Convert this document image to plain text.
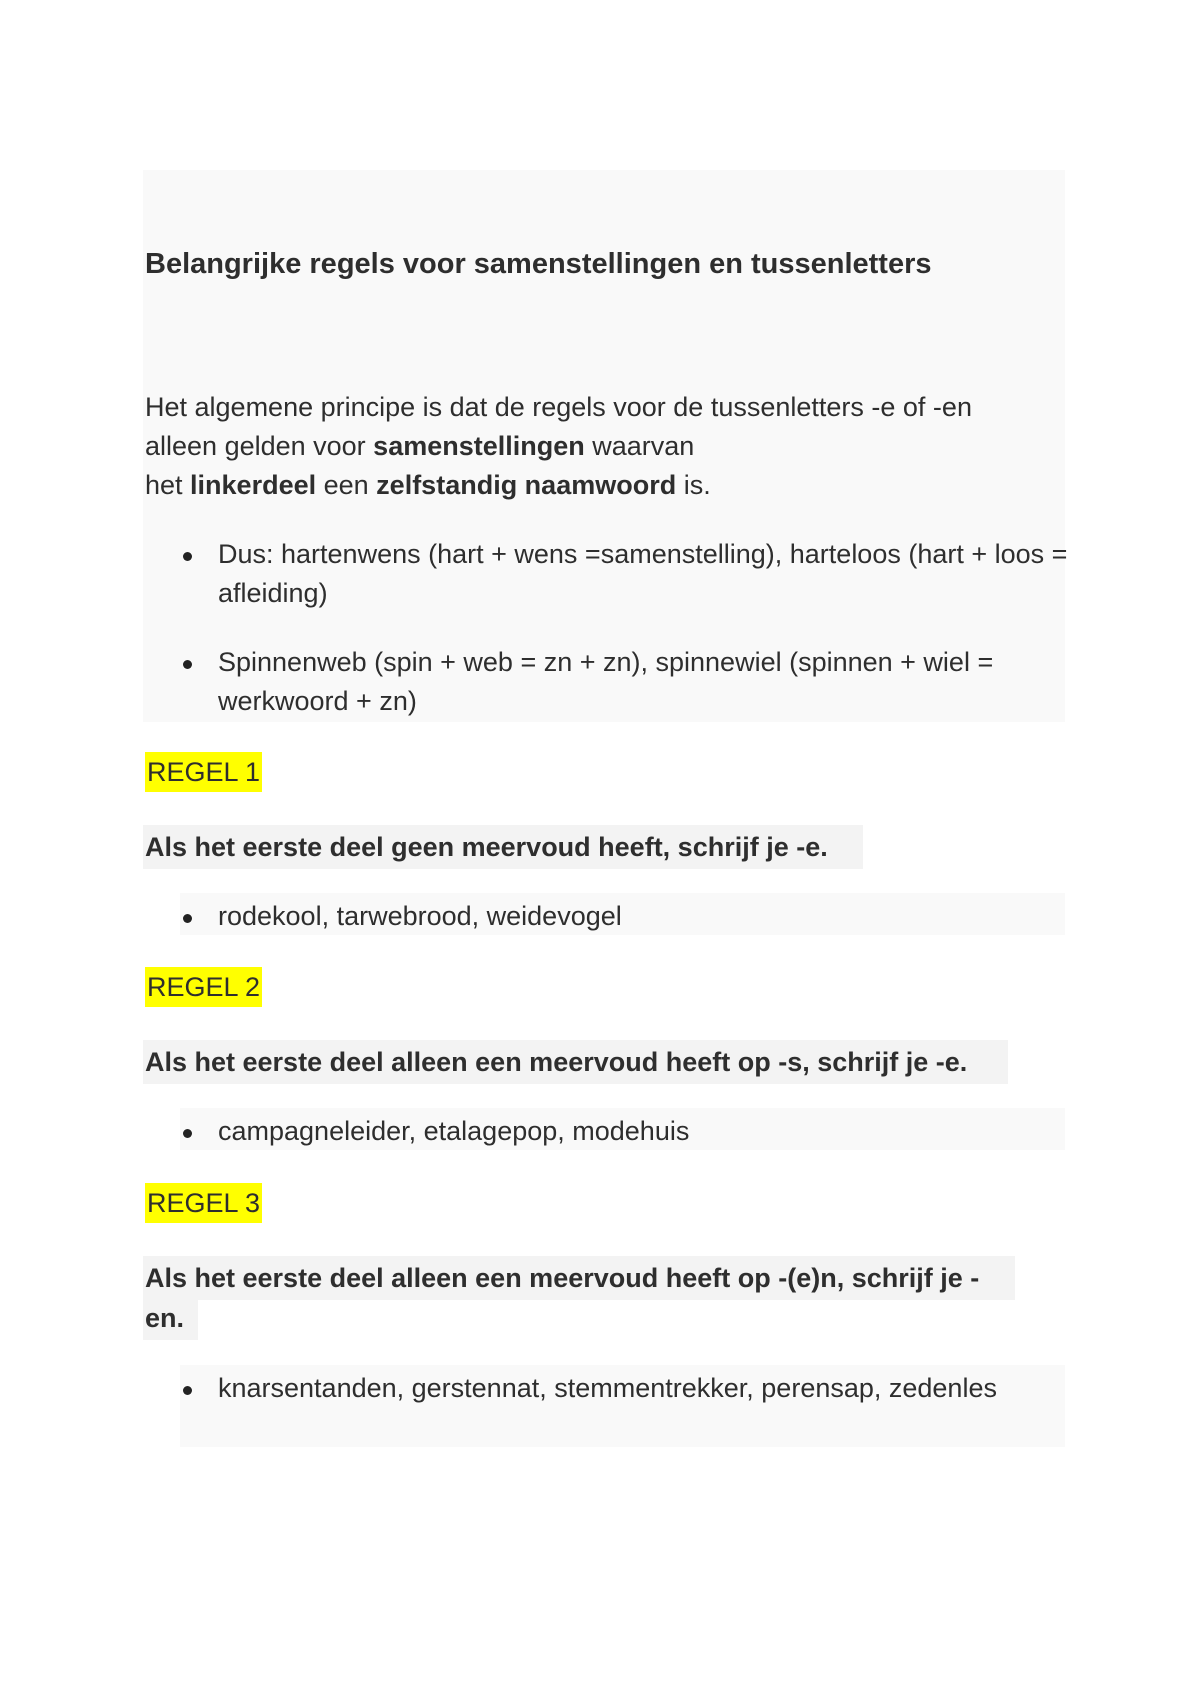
Belangrijke regels voor samenstellingen en tussenletters
Het algemene principe is dat de regels voor de tussenletters -e of -en alleen gelden voor samenstellingen waarvan
het linkerdeel een zelfstandig naamwoord is.
Dus: hartenwens (hart + wens =samenstelling), harteloos (hart + loos = afleiding)
Spinnenweb (spin + web = zn + zn), spinnewiel (spinnen + wiel = werkwoord + zn)
REGEL 1
Als het eerste deel geen meervoud heeft, schrijf je -e.
rodekool, tarwebrood, weidevogel
REGEL 2
Als het eerste deel alleen een meervoud heeft op -s, schrijf je -e.
campagneleider, etalagepop, modehuis
REGEL 3
Als het eerste deel alleen een meervoud heeft op -(e)n, schrijf je -en.
knarsentanden, gerstennat, stemmentrekker, perensap, zedenles
